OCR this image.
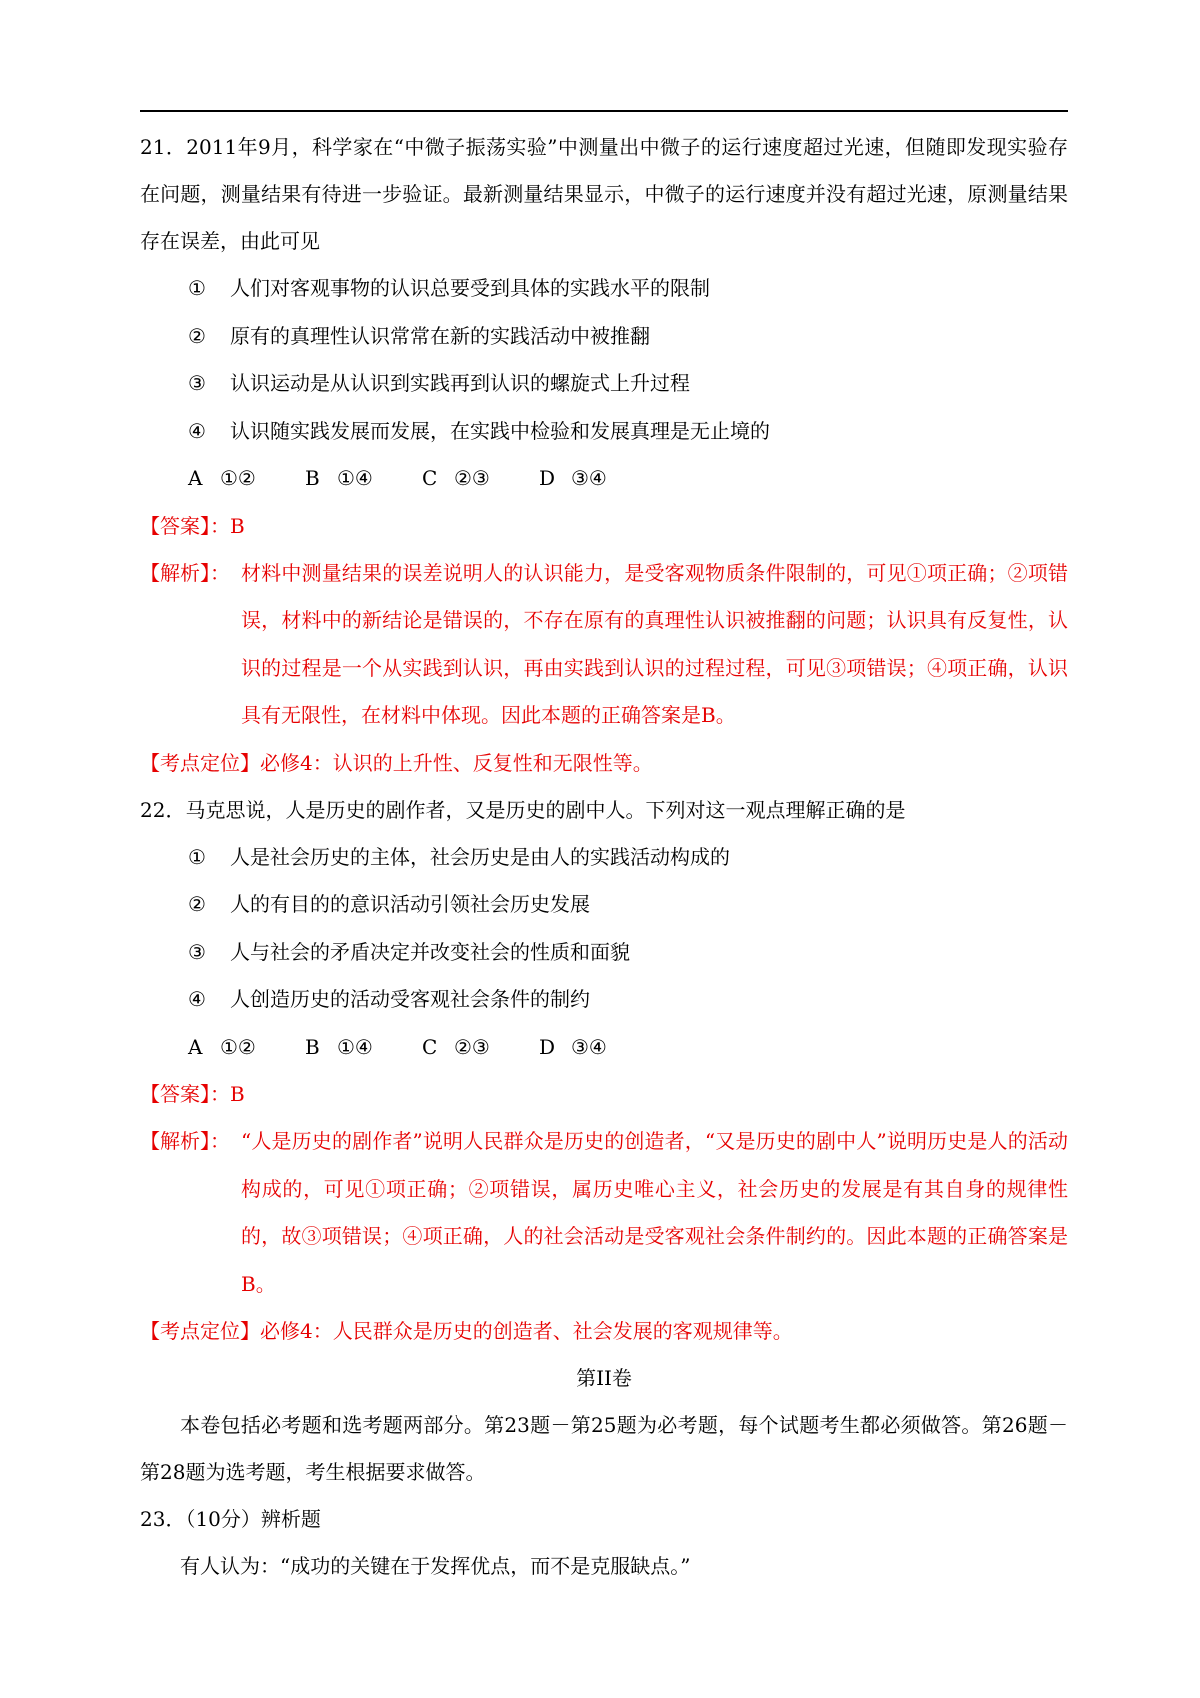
21．2011年9月，科学家在“中微子振荡实验”中测量出中微子的运行速度超过光速，但随即发现实验存在问题，测量结果有待进一步验证。最新测量结果显示，中微子的运行速度并没有超过光速，原测量结果存在误差，由此可见

①	人们对客观事物的认识总要受到具体的实践水平的限制

②	原有的真理性认识常常在新的实践活动中被推翻

③	认识运动是从认识到实践再到认识的螺旋式上升过程

④	认识随实践发展而发展，在实践中检验和发展真理是无止境的

A ①② B ①④ C ②③ D ③④

【答案】：B

【解析】： 材料中测量结果的误差说明人的认识能力，是受客观物质条件限制的，可见①项正确；②项错误，材料中的新结论是错误的，不存在原有的真理性认识被推翻的问题；认识具有反复性，认识的过程是一个从实践到认识，再由实践到认识的过程过程，可见③项错误；④项正确，认识具有无限性，在材料中体现。因此本题的正确答案是B。

【考点定位】必修4：认识的上升性、反复性和无限性等。

22．马克思说，人是历史的剧作者，又是历史的剧中人。下列对这一观点理解正确的是

①	人是社会历史的主体，社会历史是由人的实践活动构成的

②	人的有目的的意识活动引领社会历史发展

③	人与社会的矛盾决定并改变社会的性质和面貌

④	人创造历史的活动受客观社会条件的制约

A ①② B ①④ C ②③ D ③④

【答案】：B

【解析】： “人是历史的剧作者”说明人民群众是历史的创造者，“又是历史的剧中人”说明历史是人的活动构成的，可见①项正确；②项错误，属历史唯心主义，社会历史的发展是有其自身的规律性的，故③项错误；④项正确，人的社会活动是受客观社会条件制约的。因此本题的正确答案是B。

【考点定位】必修4：人民群众是历史的创造者、社会发展的客观规律等。

第II卷

本卷包括必考题和选考题两部分。第23题－第25题为必考题，每个试题考生都必须做答。第26题－第28题为选考题，考生根据要求做答。

23．（10分）辨析题

有人认为：“成功的关键在于发挥优点，而不是克服缺点。”
